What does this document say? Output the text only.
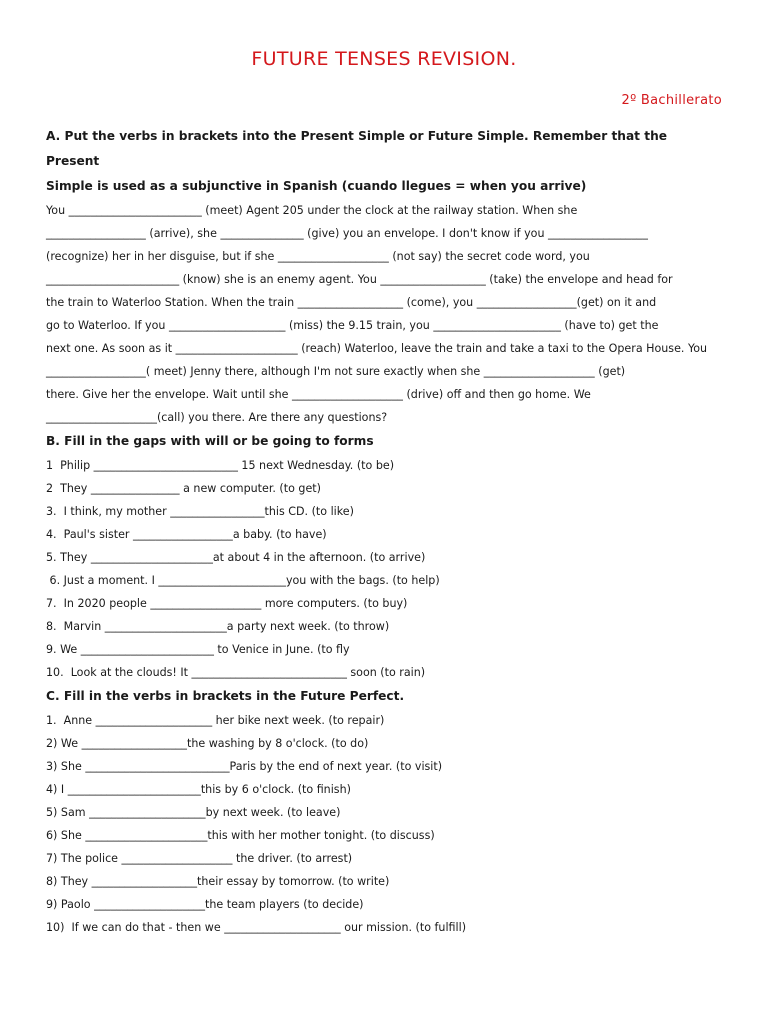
FUTURE TENSES REVISION.
2º Bachillerato

A. Put the verbs in brackets into the Present Simple or Future Simple. Remember that the Present

Simple is used as a subjunctive in Spanish (cuando llegues = when you arrive)

You ________________________ (meet) Agent 205 under the clock at the railway station. When she

__________________ (arrive), she _______________ (give) you an envelope. I don't know if you __________________

(recognize) her in her disguise, but if she ____________________ (not say) the secret code word, you

________________________ (know) she is an enemy agent. You ___________________ (take) the envelope and head for

the train to Waterloo Station. When the train ___________________ (come), you __________________(get) on it and

go to Waterloo. If you _____________________ (miss) the 9.15 train, you _______________________ (have to) get the

next one. As soon as it ______________________ (reach) Waterloo, leave the train and take a taxi to the Opera House. You

__________________( meet) Jenny there, although I'm not sure exactly when she ____________________ (get)

there. Give her the envelope. Wait until she ____________________ (drive) off and then go home. We

____________________(call) you there. Are there any questions?

B. Fill in the gaps with will or be going to forms

1  Philip __________________________ 15 next Wednesday. (to be)

2  They ________________ a new computer. (to get)

3.  I think, my mother _________________this CD. (to like)

4.  Paul's sister __________________a baby. (to have)

5. They ______________________at about 4 in the afternoon. (to arrive)

6. Just a moment. I _______________________you with the bags. (to help)

7.  In 2020 people ____________________ more computers. (to buy)

8.  Marvin ______________________a party next week. (to throw)

9. We ________________________ to Venice in June. (to fly

10.  Look at the clouds! It ____________________________ soon (to rain)

C. Fill in the verbs in brackets in the Future Perfect.

1.  Anne _____________________ her bike next week. (to repair)

2) We ___________________the washing by 8 o'clock. (to do)

3) She __________________________Paris by the end of next year. (to visit)

4) I ________________________this by 6 o'clock. (to finish)

5) Sam _____________________by next week. (to leave)

6) She ______________________this with her mother tonight. (to discuss)

7) The police ____________________ the driver. (to arrest)

8) They ___________________their essay by tomorrow. (to write)

9) Paolo ____________________the team players (to decide)

10)  If we can do that - then we _____________________ our mission. (to fulfill)
